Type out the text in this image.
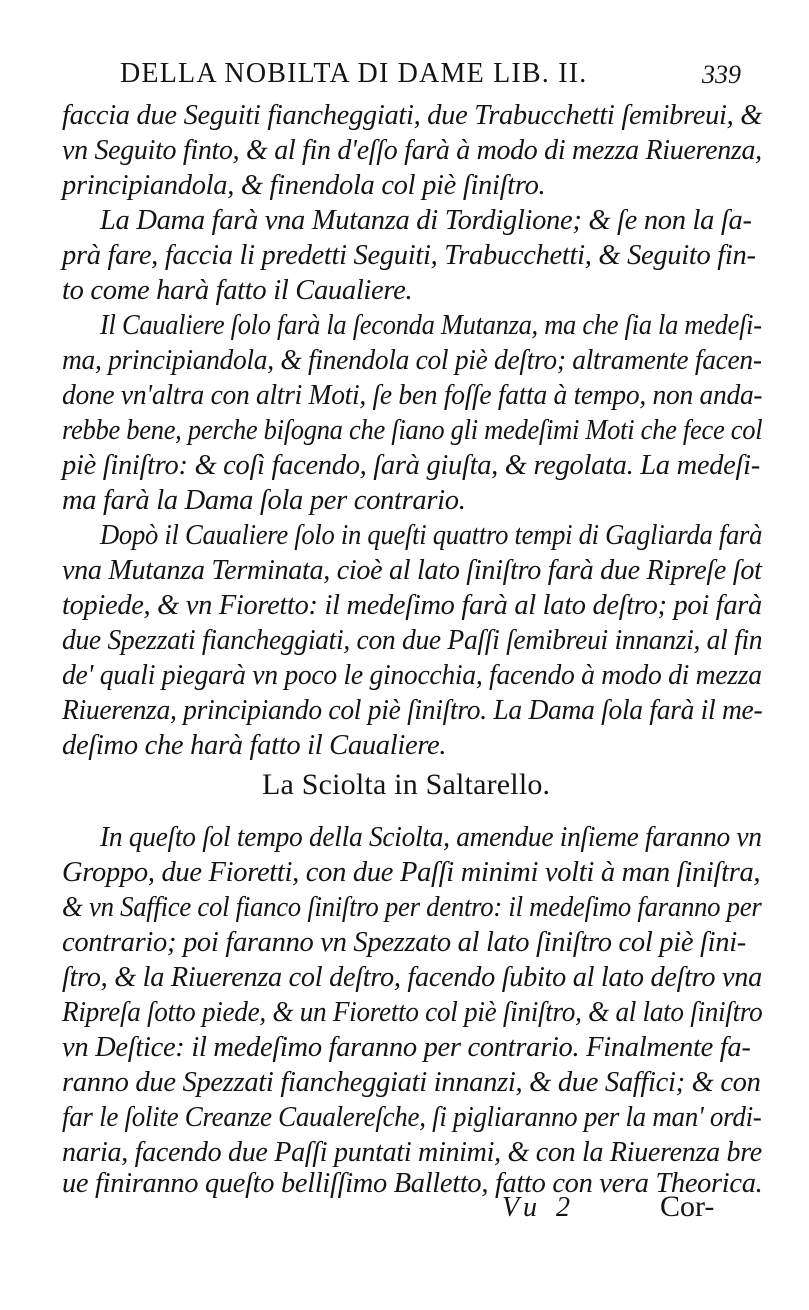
DELLA NOBILTA DI DAME LIB. II.	339
faccia due Seguiti fiancheggiati, due Trabucchetti ſemibreui, &
vn Seguito finto, & al fin d'eſſo farà à modo di mezza Riuerenza,
principiandola, & finendola col piè ſiniſtro.
La Dama farà vna Mutanza di Tordiglione; & ſe non la ſa-
prà fare, faccia li predetti Seguiti, Trabucchetti, & Seguito fin-
to come harà fatto il Caualiere.
Il Caualiere ſolo farà la ſeconda Mutanza, ma che ſia la medeſi-
ma, principiandola, & finendola col piè deſtro; altramente facen-
done vn'altra con altri Moti, ſe ben foſſe fatta à tempo, non anda-
rebbe bene, perche biſogna che ſiano gli medeſimi Moti che fece col
piè ſiniſtro: & coſì facendo, ſarà giuſta, & regolata. La medeſi-
ma farà la Dama ſola per contrario.
Dopò il Caualiere ſolo in queſti quattro tempi di Gagliarda farà
vna Mutanza Terminata, cioè al lato ſiniſtro farà due Ripreſe ſot
topiede, & vn Fioretto: il medeſimo farà al lato deſtro; poi farà
due Spezzati fiancheggiati, con due Paſſi ſemibreui innanzi, al fin
de' quali piegarà vn poco le ginocchia, facendo à modo di mezza
Riuerenza, principiando col piè ſiniſtro. La Dama ſola farà il me-
deſimo che harà fatto il Caualiere.
La Sciolta in Saltarello.
In queſto ſol tempo della Sciolta, amendue inſieme faranno vn
Groppo, due Fioretti, con due Paſſi minimi volti à man ſiniſtra,
& vn Saffice col fianco ſiniſtro per dentro: il medeſimo faranno per
contrario; poi faranno vn Spezzato al lato ſiniſtro col piè ſini-
ſtro, & la Riuerenza col deſtro, facendo ſubito al lato deſtro vna
Ripreſa ſotto piede, & un Fioretto col piè ſiniſtro, & al lato ſiniſtro
vn Deſtice: il medeſimo faranno per contrario. Finalmente fa-
ranno due Spezzati fiancheggiati innanzi, & due Saffici; & con
far le ſolite Creanze Caualereſche, ſi pigliaranno per la man' ordi-
naria, facendo due Paſſi puntati minimi, & con la Riuerenza bre
ue finiranno queſto belliſſimo Balletto, fatto con vera Theorica.
Vu 2	Cor-
